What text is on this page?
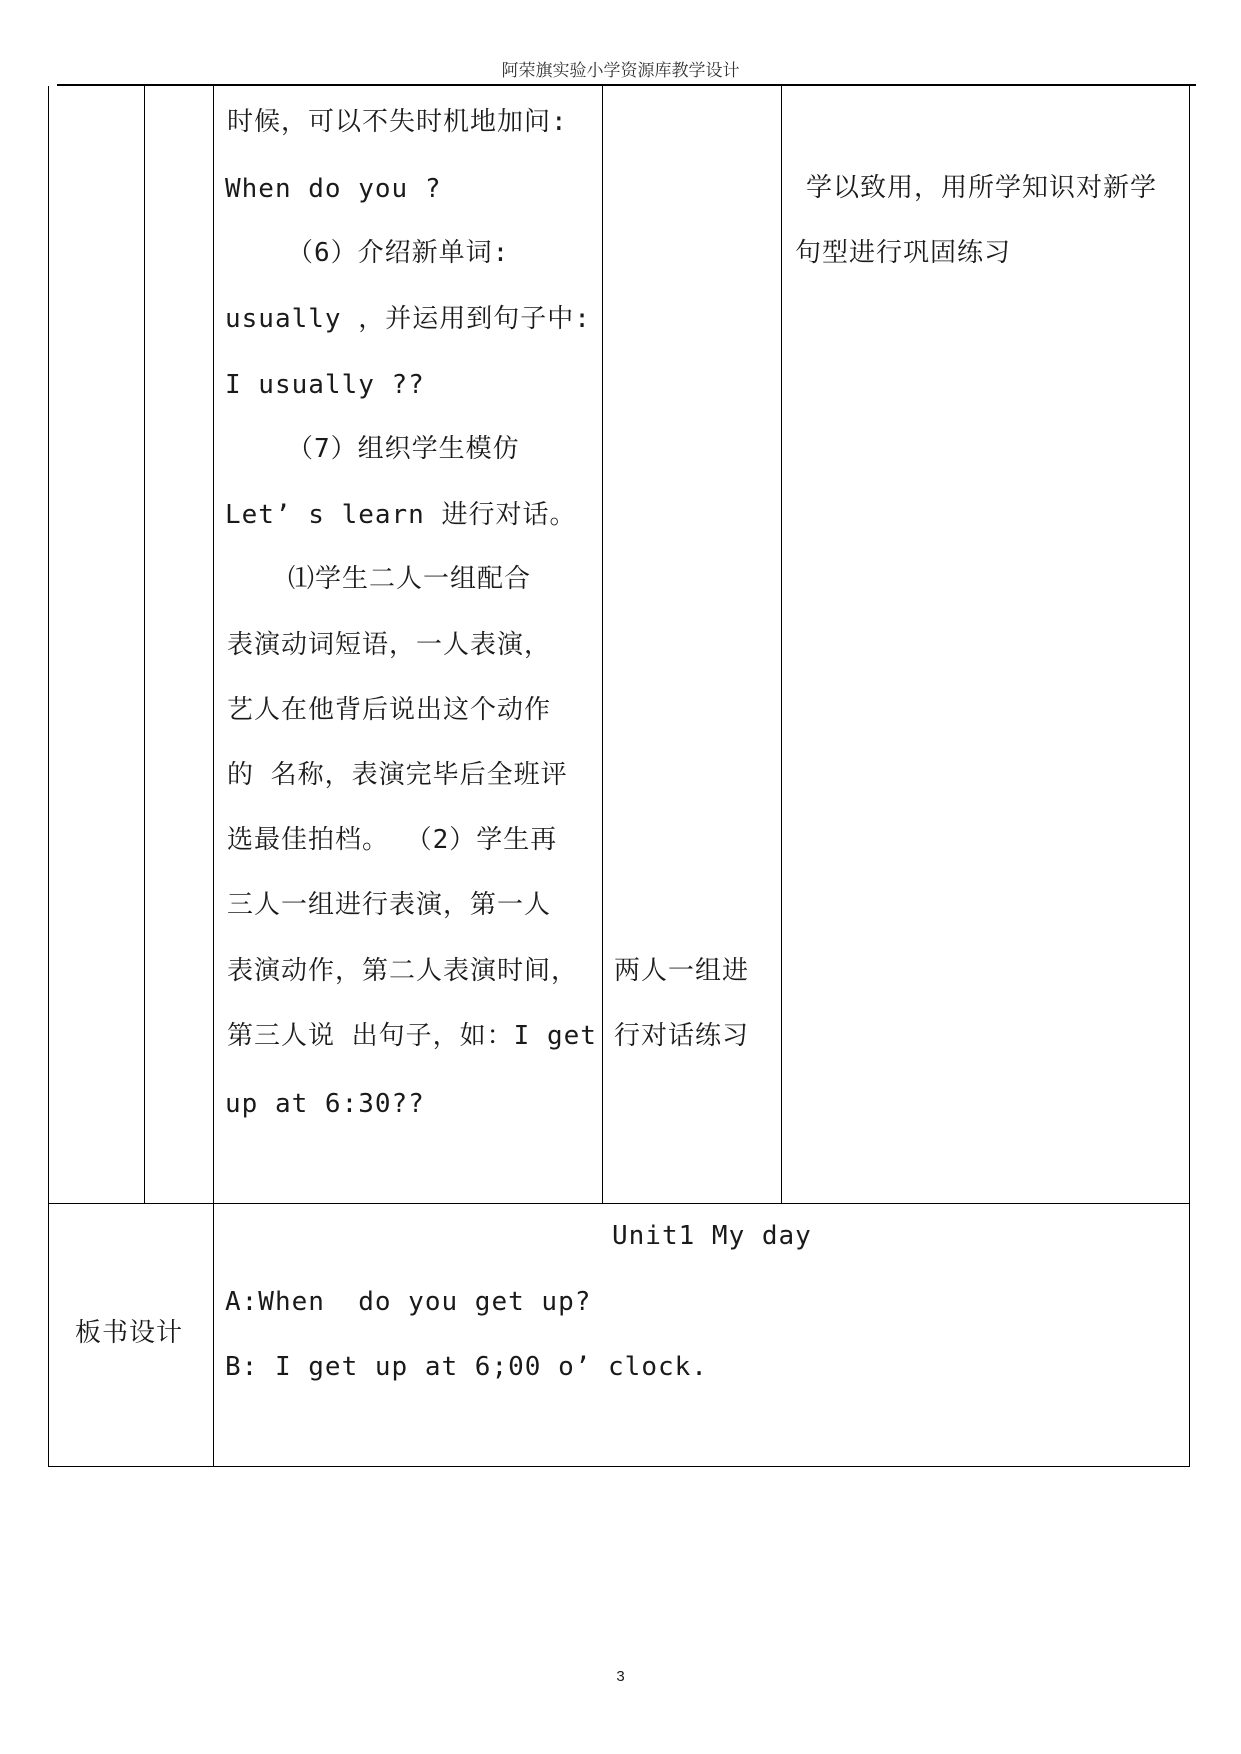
阿荣旗实验小学资源库教学设计
时候，可以不失时机地加问:
When do you ?
（6）介绍新单词:
usually ，并运用到句子中:
I usually ??
（7）组织学生模仿
Let’ s learn 进行对话。
⑴学生二人一组配合
表演动词短语，一人表演，
艺人在他背后说出这个动作
的 名称，表演完毕后全班评
选最佳拍档。 （2）学生再
三人一组进行表演，第一人
表演动作，第二人表演时间，
第三人说 出句子，如：I get
up at 6:30??
两人一组进
行对话练习
学以致用，用所学知识对新学
句型进行巩固练习
板书设计
Unit1 My day
A:When  do you get up?
B: I get up at 6;00 o’ clock.
3
